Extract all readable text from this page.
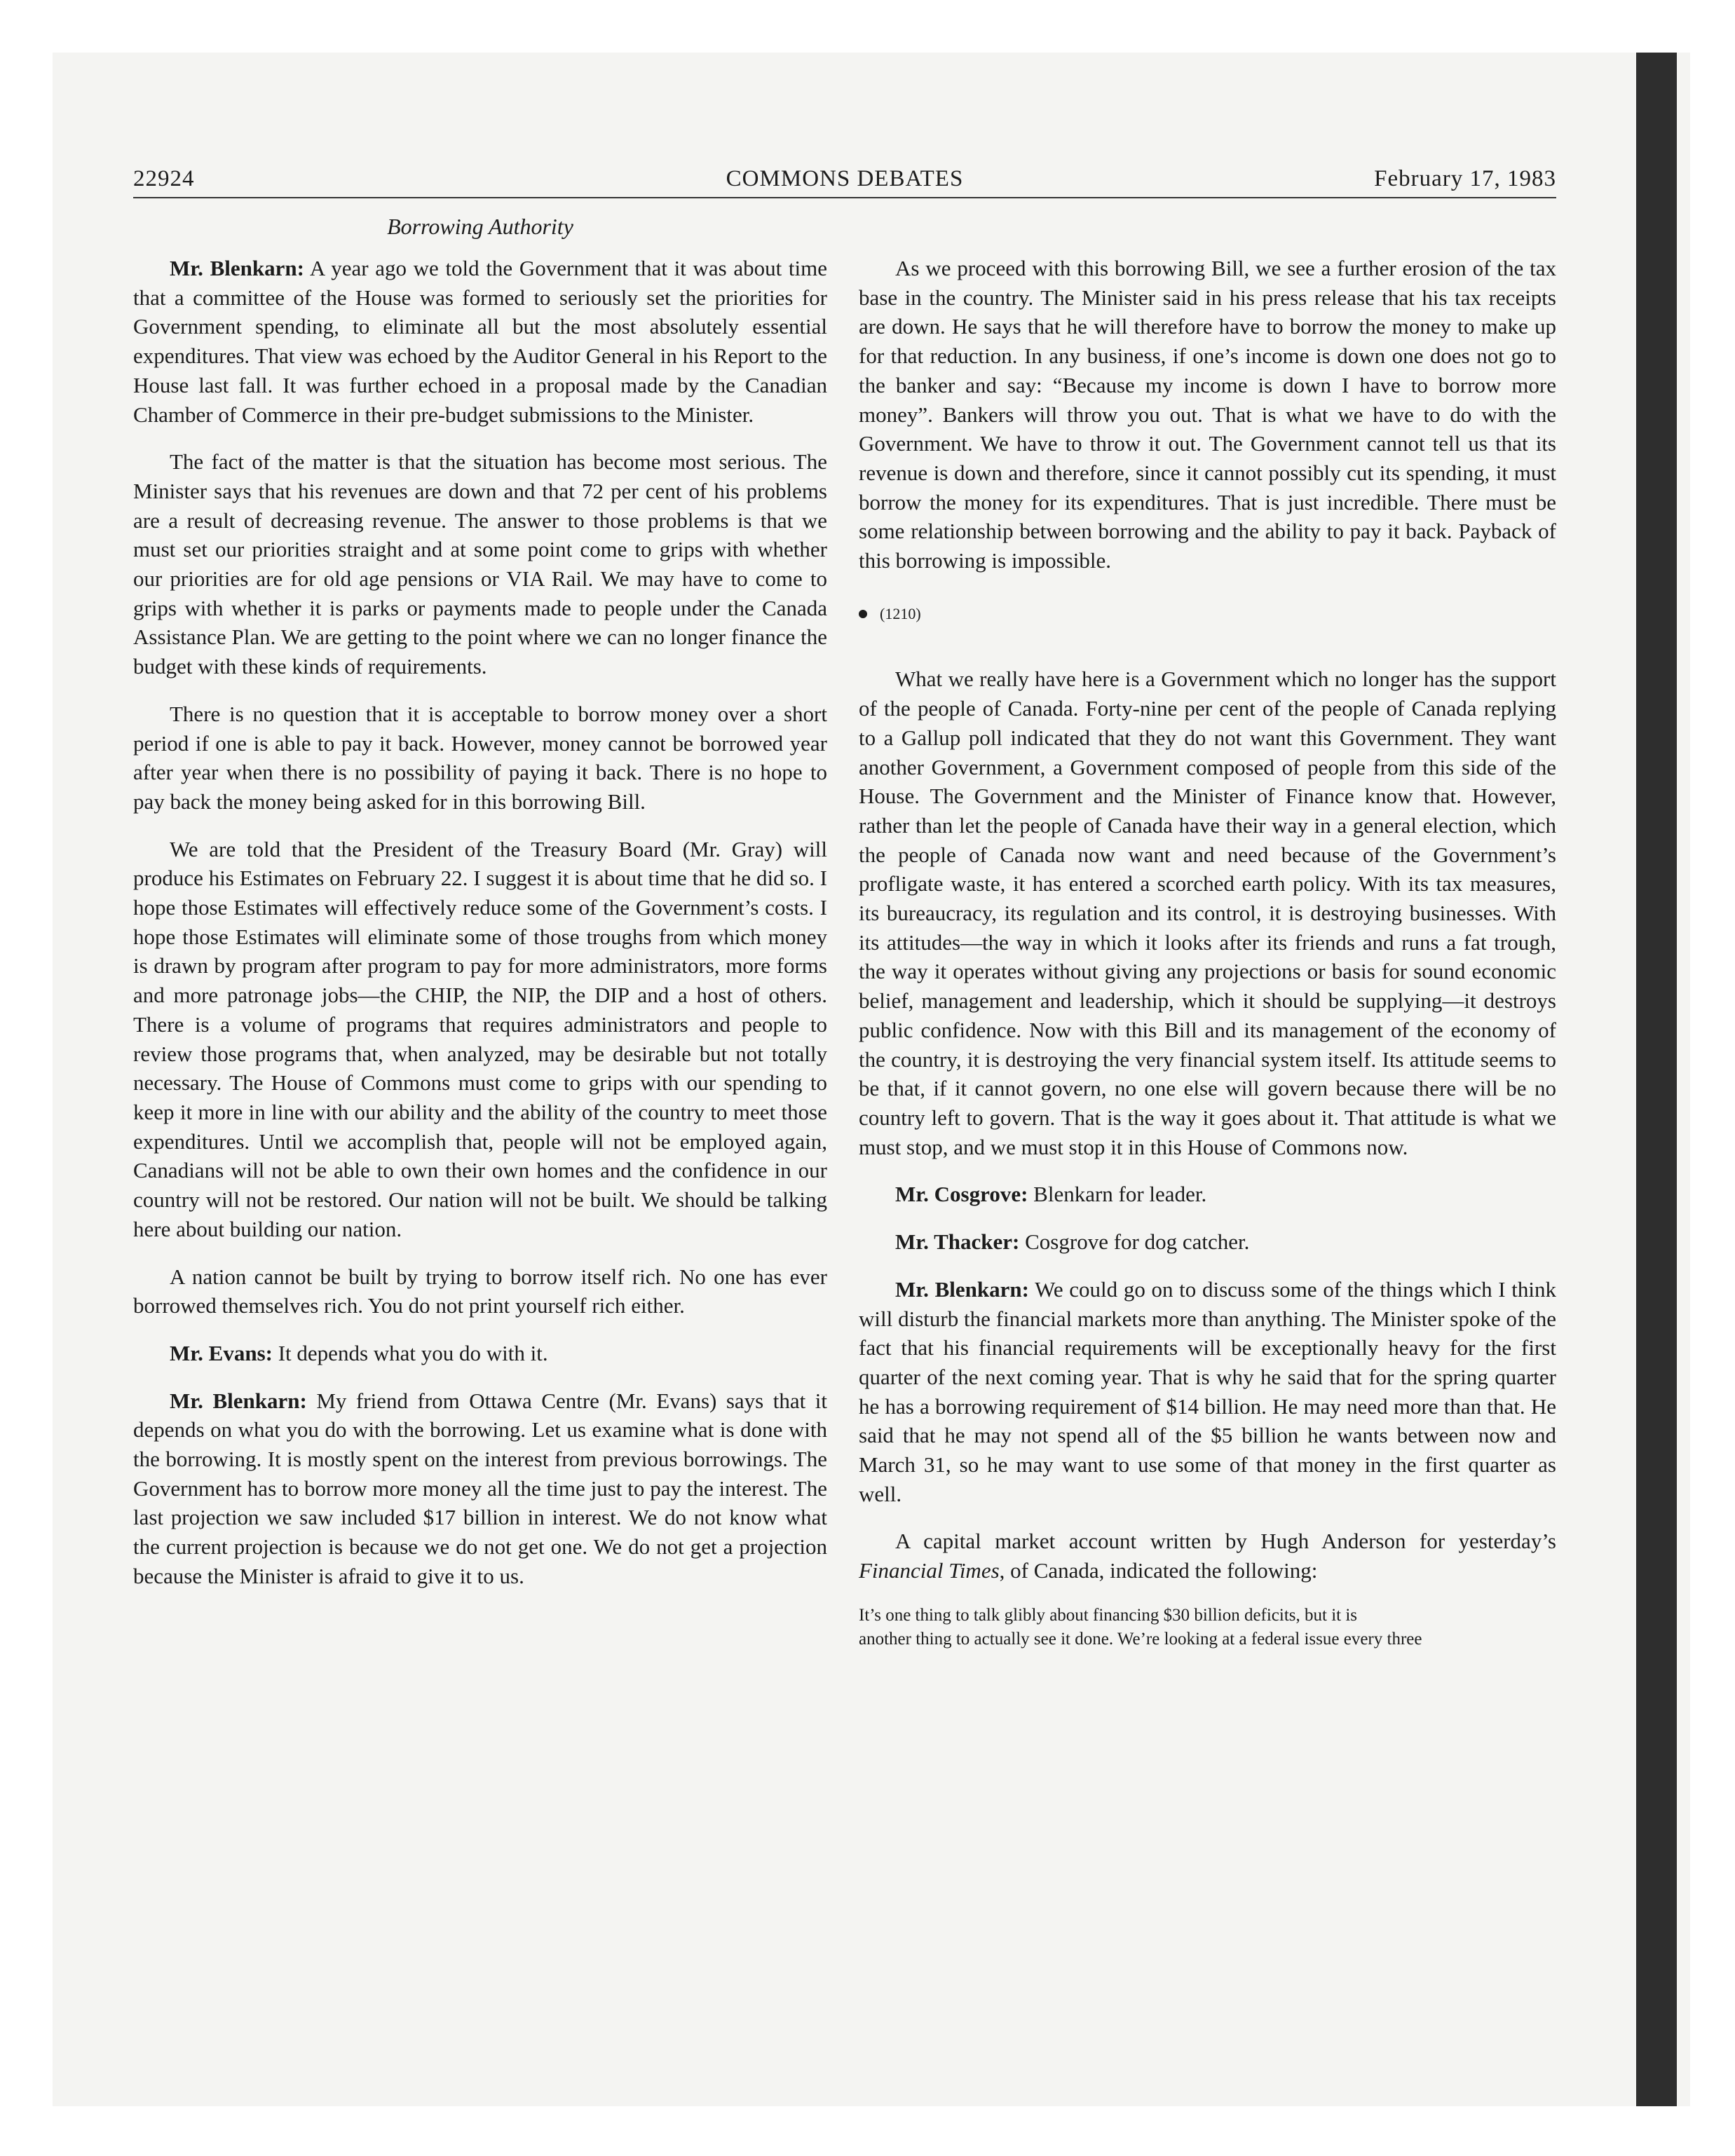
22924	COMMONS DEBATES	February 17, 1983
Borrowing Authority

Mr. Blenkarn: A year ago we told the Government that it was about time that a committee of the House was formed to seriously set the priorities for Government spending, to eliminate all but the most absolutely essential expenditures. That view was echoed by the Auditor General in his Report to the House last fall. It was further echoed in a proposal made by the Canadian Chamber of Commerce in their pre-budget submissions to the Minister.

The fact of the matter is that the situation has become most serious. The Minister says that his revenues are down and that 72 per cent of his problems are a result of decreasing revenue. The answer to those problems is that we must set our priorities straight and at some point come to grips with whether our priorities are for old age pensions or VIA Rail. We may have to come to grips with whether it is parks or payments made to people under the Canada Assistance Plan. We are getting to the point where we can no longer finance the budget with these kinds of requirements.

There is no question that it is acceptable to borrow money over a short period if one is able to pay it back. However, money cannot be borrowed year after year when there is no possibility of paying it back. There is no hope to pay back the money being asked for in this borrowing Bill.

We are told that the President of the Treasury Board (Mr. Gray) will produce his Estimates on February 22. I suggest it is about time that he did so. I hope those Estimates will effectively reduce some of the Government’s costs. I hope those Estimates will eliminate some of those troughs from which money is drawn by program after program to pay for more administrators, more forms and more patronage jobs—the CHIP, the NIP, the DIP and a host of others. There is a volume of programs that requires administrators and people to review those programs that, when analyzed, may be desirable but not totally necessary. The House of Commons must come to grips with our spending to keep it more in line with our ability and the ability of the country to meet those expenditures. Until we accomplish that, people will not be employed again, Canadians will not be able to own their own homes and the confidence in our country will not be restored. Our nation will not be built. We should be talking here about building our nation.

A nation cannot be built by trying to borrow itself rich. No one has ever borrowed themselves rich. You do not print yourself rich either.

Mr. Evans: It depends what you do with it.

Mr. Blenkarn: My friend from Ottawa Centre (Mr. Evans) says that it depends on what you do with the borrowing. Let us examine what is done with the borrowing. It is mostly spent on the interest from previous borrowings. The Government has to borrow more money all the time just to pay the interest. The last projection we saw included $17 billion in interest. We do not know what the current projection is because we do not get one. We do not get a projection because the Minister is afraid to give it to us.

As we proceed with this borrowing Bill, we see a further erosion of the tax base in the country. The Minister said in his press release that his tax receipts are down. He says that he will therefore have to borrow the money to make up for that reduction. In any business, if one’s income is down one does not go to the banker and say: “Because my income is down I have to borrow more money”. Bankers will throw you out. That is what we have to do with the Government. We have to throw it out. The Government cannot tell us that its revenue is down and therefore, since it cannot possibly cut its spending, it must borrow the money for its expenditures. That is just incredible. There must be some relationship between borrowing and the ability to pay it back. Payback of this borrowing is impossible.

(1210)

What we really have here is a Government which no longer has the support of the people of Canada. Forty-nine per cent of the people of Canada replying to a Gallup poll indicated that they do not want this Government. They want another Government, a Government composed of people from this side of the House. The Government and the Minister of Finance know that. However, rather than let the people of Canada have their way in a general election, which the people of Canada now want and need because of the Government’s profligate waste, it has entered a scorched earth policy. With its tax measures, its bureaucracy, its regulation and its control, it is destroying businesses. With its attitudes—the way in which it looks after its friends and runs a fat trough, the way it operates without giving any projections or basis for sound economic belief, management and leadership, which it should be supplying—it destroys public confidence. Now with this Bill and its management of the economy of the country, it is destroying the very financial system itself. Its attitude seems to be that, if it cannot govern, no one else will govern because there will be no country left to govern. That is the way it goes about it. That attitude is what we must stop, and we must stop it in this House of Commons now.

Mr. Cosgrove: Blenkarn for leader.

Mr. Thacker: Cosgrove for dog catcher.

Mr. Blenkarn: We could go on to discuss some of the things which I think will disturb the financial markets more than anything. The Minister spoke of the fact that his financial requirements will be exceptionally heavy for the first quarter of the next coming year. That is why he said that for the spring quarter he has a borrowing requirement of $14 billion. He may need more than that. He said that he may not spend all of the $5 billion he wants between now and March 31, so he may want to use some of that money in the first quarter as well.

A capital market account written by Hugh Anderson for yesterday’s Financial Times, of Canada, indicated the following:

It’s one thing to talk glibly about financing $30 billion deficits, but it is
another thing to actually see it done. We’re looking at a federal issue every three
